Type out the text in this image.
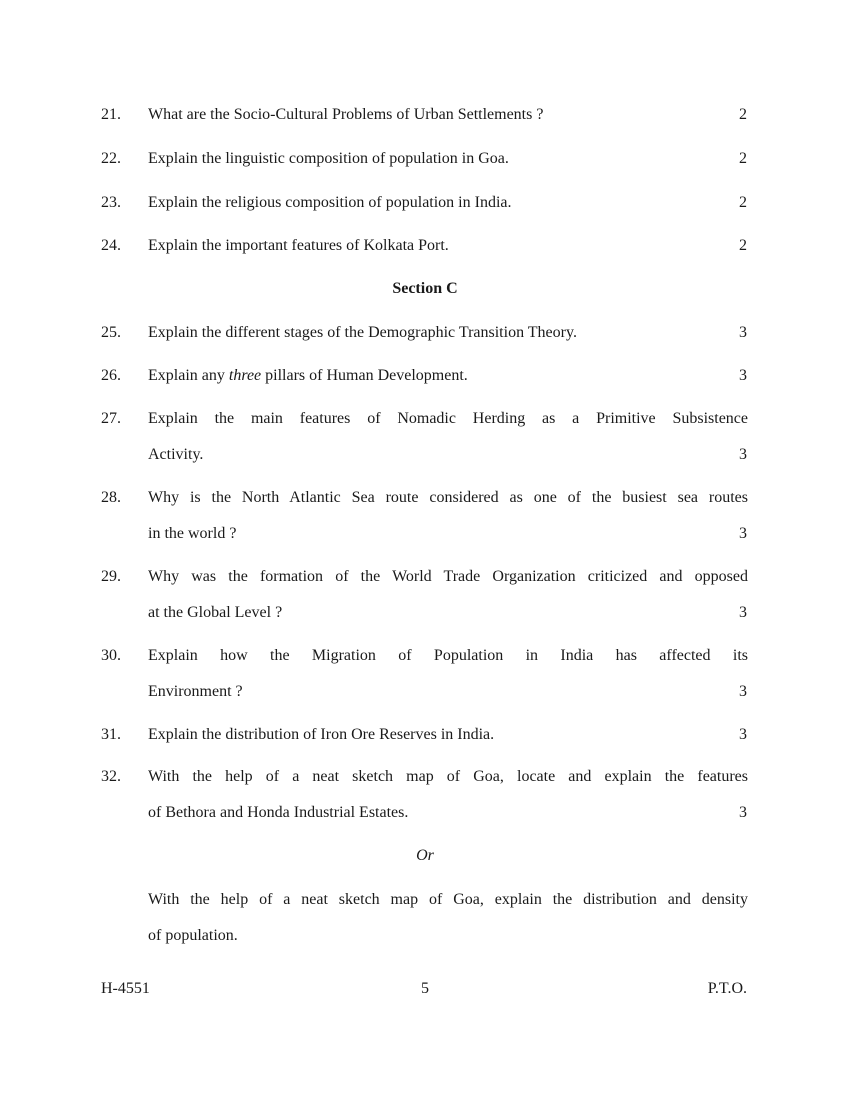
21. What are the Socio-Cultural Problems of Urban Settlements ?	2
22. Explain the linguistic composition of population in Goa.	2
23. Explain the religious composition of population in India.	2
24. Explain the important features of Kolkata Port.	2
Section C
25. Explain the different stages of the Demographic Transition Theory.	3
26. Explain any three pillars of Human Development.	3
27. Explain the main features of Nomadic Herding as a Primitive Subsistence
Activity.	3
28. Why is the North Atlantic Sea route considered as one of the busiest sea routes
in the world ?	3
29. Why was the formation of the World Trade Organization criticized and opposed
at the Global Level ?	3
30. Explain how the Migration of Population in India has affected its
Environment ?	3
31. Explain the distribution of Iron Ore Reserves in India.	3
32. With the help of a neat sketch map of Goa, locate and explain the features
of Bethora and Honda Industrial Estates.	3
Or
With the help of a neat sketch map of Goa, explain the distribution and density
of population.
H-4551	5	P.T.O.
